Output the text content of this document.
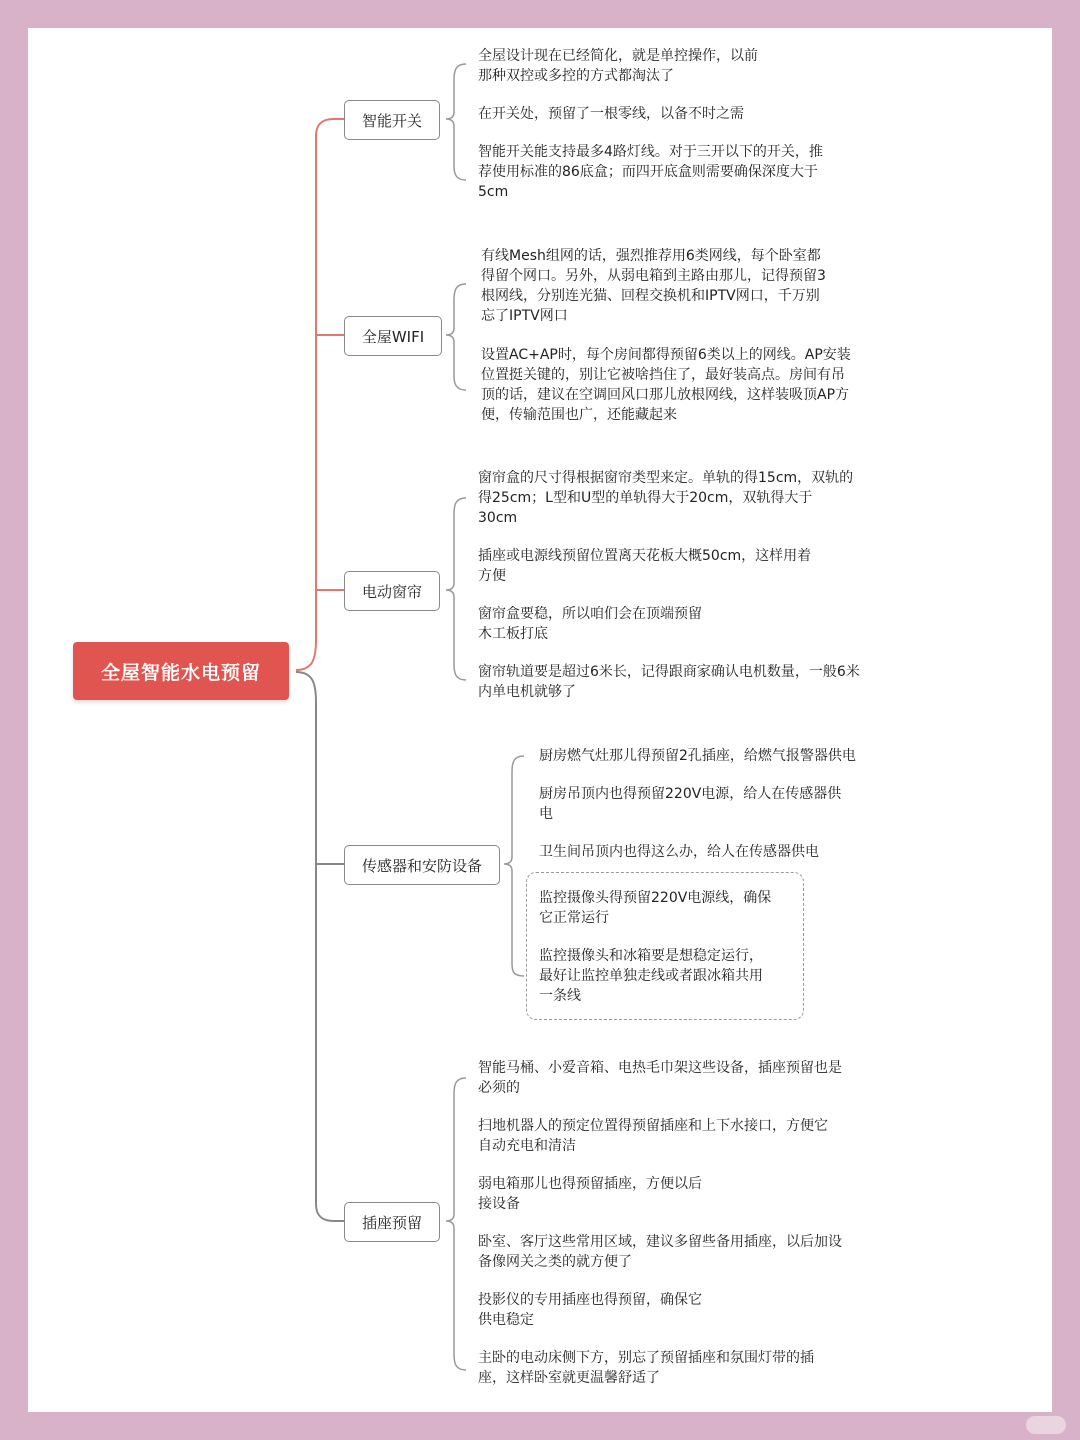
全屋智能水电预留
智能开关
全屋WIFI
电动窗帘
传感器和安防设备
插座预留
全屋设计现在已经简化，就是单控操作，以前
那种双控或多控的方式都淘汰了
在开关处，预留了一根零线，以备不时之需
智能开关能支持最多4路灯线。对于三开以下的开关，推
荐使用标准的86底盒；而四开底盒则需要确保深度大于
5cm
有线Mesh组网的话，强烈推荐用6类网线，每个卧室都
得留个网口。另外，从弱电箱到主路由那儿，记得预留3
根网线，分别连光猫、回程交换机和IPTV网口，千万别
忘了IPTV网口
设置AC+AP时，每个房间都得预留6类以上的网线。AP安装
位置挺关键的，别让它被啥挡住了，最好装高点。房间有吊
顶的话，建议在空调回风口那儿放根网线，这样装吸顶AP方
便，传输范围也广，还能藏起来
窗帘盒的尺寸得根据窗帘类型来定。单轨的得15cm，双轨的
得25cm；L型和U型的单轨得大于20cm，双轨得大于
30cm
插座或电源线预留位置离天花板大概50cm，这样用着
方便
窗帘盒要稳，所以咱们会在顶端预留
木工板打底
窗帘轨道要是超过6米长，记得跟商家确认电机数量，一般6米
内单电机就够了
厨房燃气灶那儿得预留2孔插座，给燃气报警器供电
厨房吊顶内也得预留220V电源，给人在传感器供
电
卫生间吊顶内也得这么办，给人在传感器供电
监控摄像头得预留220V电源线，确保
它正常运行
监控摄像头和冰箱要是想稳定运行，
最好让监控单独走线或者跟冰箱共用
一条线
智能马桶、小爱音箱、电热毛巾架这些设备，插座预留也是
必须的
扫地机器人的预定位置得预留插座和上下水接口，方便它
自动充电和清洁
弱电箱那儿也得预留插座，方便以后
接设备
卧室、客厅这些常用区域，建议多留些备用插座，以后加设
备像网关之类的就方便了
投影仪的专用插座也得预留，确保它
供电稳定
主卧的电动床侧下方，别忘了预留插座和氛围灯带的插
座，这样卧室就更温馨舒适了
